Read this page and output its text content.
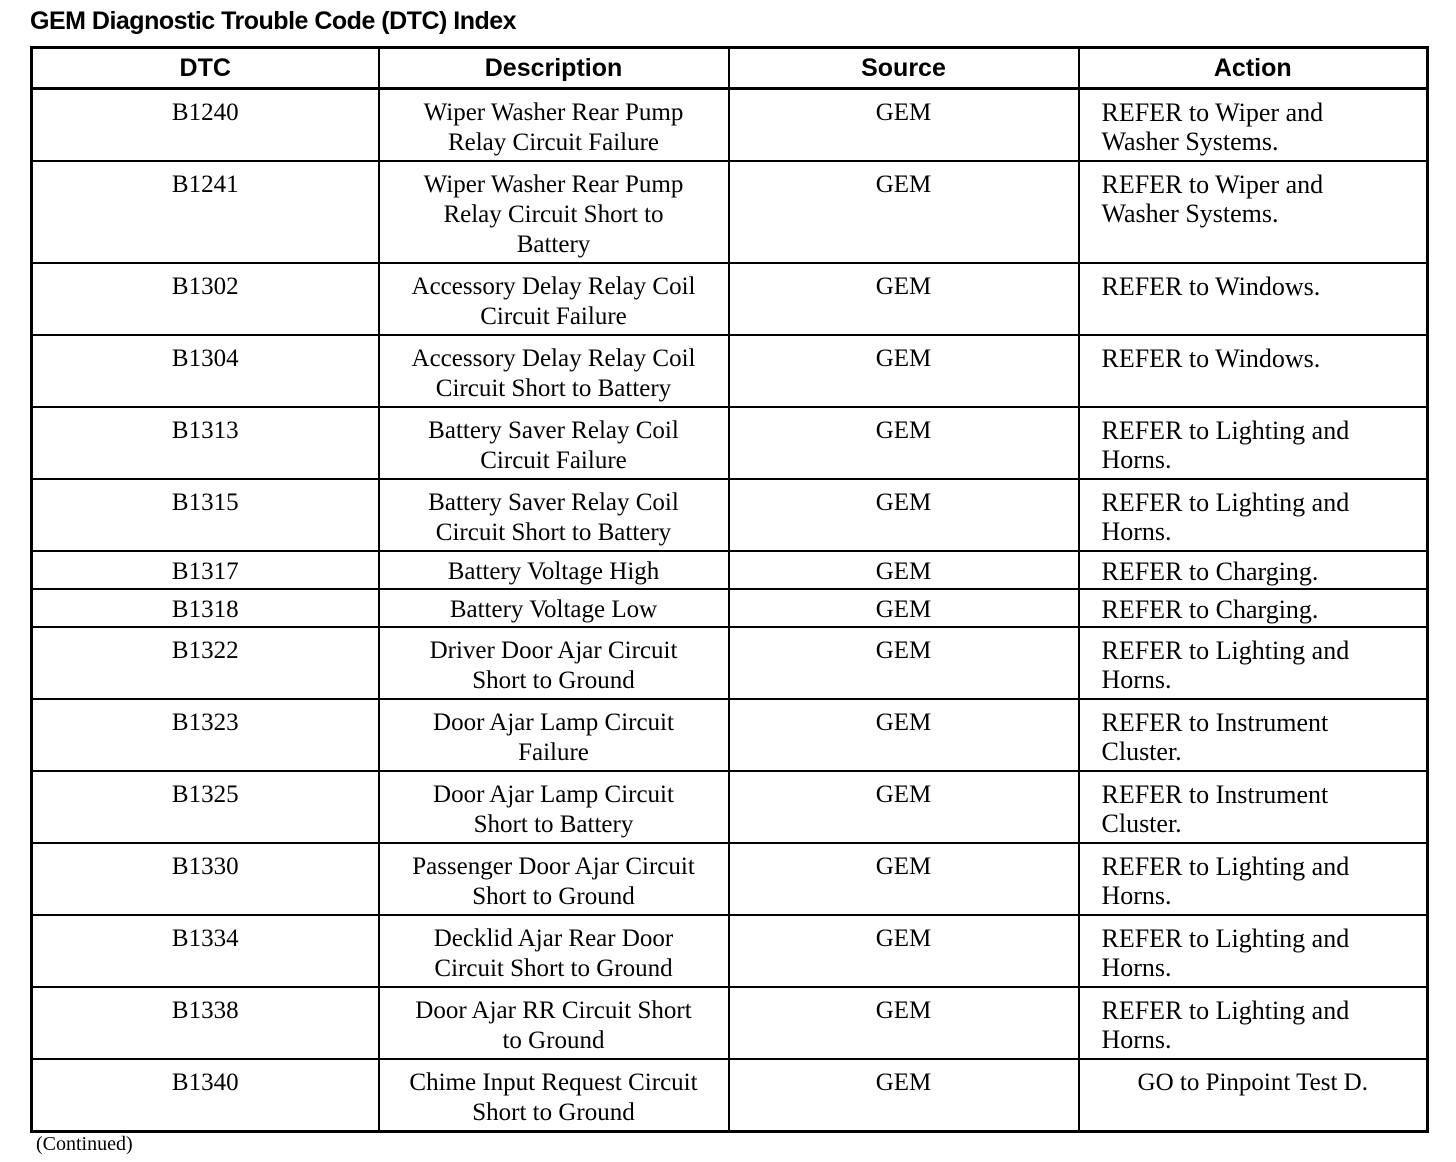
GEM Diagnostic Trouble Code (DTC) Index
DTC	Description	Source	Action
B1240	Wiper Washer Rear Pump
Relay Circuit Failure	GEM	REFER to Wiper and
Washer Systems.
B1241	Wiper Washer Rear Pump
Relay Circuit Short to
Battery	GEM	REFER to Wiper and
Washer Systems.
B1302	Accessory Delay Relay Coil
Circuit Failure	GEM	REFER to Windows.
B1304	Accessory Delay Relay Coil
Circuit Short to Battery	GEM	REFER to Windows.
B1313	Battery Saver Relay Coil
Circuit Failure	GEM	REFER to Lighting and
Horns.
B1315	Battery Saver Relay Coil
Circuit Short to Battery	GEM	REFER to Lighting and
Horns.
B1317	Battery Voltage High	GEM	REFER to Charging.
B1318	Battery Voltage Low	GEM	REFER to Charging.
B1322	Driver Door Ajar Circuit
Short to Ground	GEM	REFER to Lighting and
Horns.
B1323	Door Ajar Lamp Circuit
Failure	GEM	REFER to Instrument
Cluster.
B1325	Door Ajar Lamp Circuit
Short to Battery	GEM	REFER to Instrument
Cluster.
B1330	Passenger Door Ajar Circuit
Short to Ground	GEM	REFER to Lighting and
Horns.
B1334	Decklid Ajar Rear Door
Circuit Short to Ground	GEM	REFER to Lighting and
Horns.
B1338	Door Ajar RR Circuit Short
to Ground	GEM	REFER to Lighting and
Horns.
B1340	Chime Input Request Circuit
Short to Ground	GEM	GO to Pinpoint Test D.
(Continued)
